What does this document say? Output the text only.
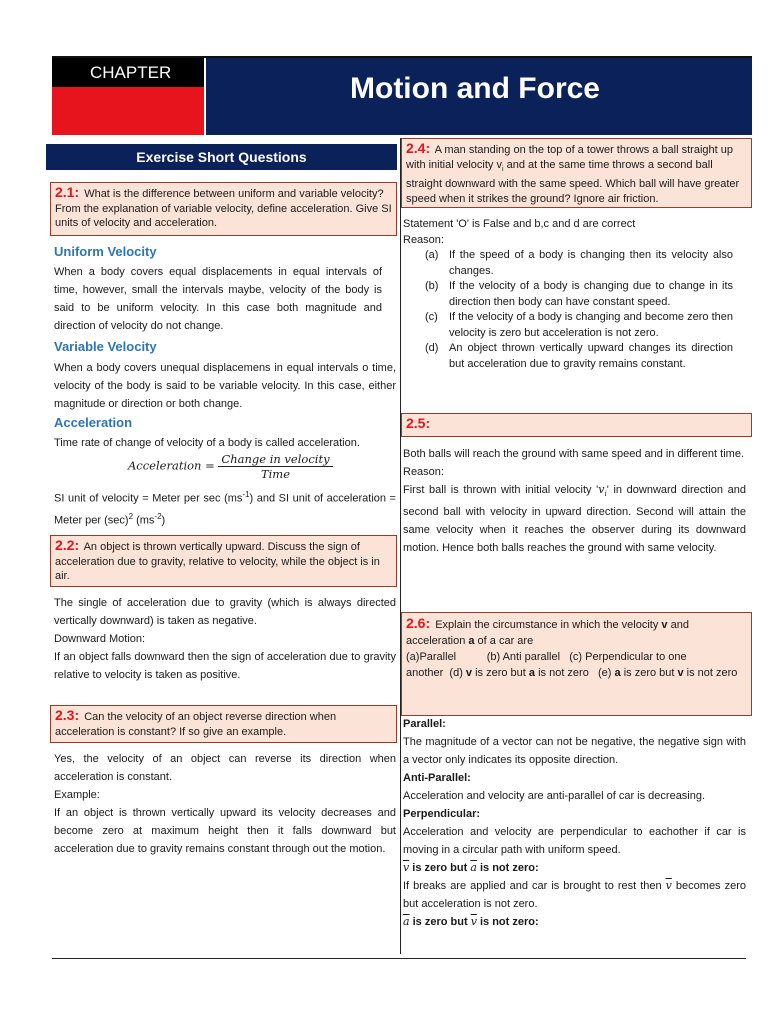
CHAPTER	Motion and Force
Exercise Short Questions
2.1: What is the difference between uniform and variable velocity? From the explanation of variable velocity, define acceleration. Give SI units of velocity and acceleration.
Uniform Velocity
When a body covers equal displacements in equal intervals of time, however, small the intervals maybe, velocity of the body is said to be uniform velocity. In this case both magnitude and direction of velocity do not change.
Variable Velocity
When a body covers unequal displacemens in equal intervals o time, velocity of the body is said to be variable velocity. In this case, either magnitude or direction or both change.
Acceleration
Time rate of change of velocity of a body is called acceleration.
Acceleration = $\frac{\text{Change in velocity}}{\text{Time}}$
SI unit of velocity = Meter per $\sec (ms^{-1})$ and SI unit of acceleration = Meter per $(\sec)^2$ $(ms^{-2})$
2.2: An object is thrown vertically upward. Discuss the sign of acceleration due to gravity, relative to velocity, while the object is in air.

The single of acceleration due to gravity (which is always directed vertically downward) is taken as negative.

Downward Motion:

If an object falls downward then the sign of acceleration due to gravity relative to velocity is taken as positive.

2.3: Can the velocity of an object reverse direction when acceleration is constant? If so give an example.

Yes, the velocity of an object can reverse its direction when acceleration is constant.

Example:

If an object is thrown vertically upward its velocity decreases and become zero at maximum height then it falls downward but acceleration due to gravity remains constant through out the motion.

2.4: A man standing on the top of a tower throws a ball straight up with initial velocity $v_i$ and at the same time throws a second ball straight downward with the same speed. Which ball will have greater speed when it strikes the ground? Ignore air friction.

Statement 'O' is False and b,c and d are correct

Reason:

(a) If the speed of a body is changing then its velocity also changes.
(b) If the velocity of a body is changing due to change in its direction then body can have constant speed.
(c) If the velocity of a body is changing and become zero then velocity is zero but acceleration is not zero.
(d) An object thrown vertically upward changes its direction but acceleration due to gravity remains constant.
2.5:

Both balls will reach the ground with same speed and in different time.

Reason:

First ball is thrown with initial velocity '$v_i$' in downward direction and second ball with velocity in upward direction. Second will attain the same velocity when it reaches the observer during its downward motion. Hence both balls reaches the ground with same velocity.

2.6: Explain the circumstance in which the velocity v and acceleration a of a car are
(a)Parallel          (b) Anti parallel   (c) Perpendicular to one
another  (d) v is zero but a is not zero   (e) a is zero but v is not zero

Parallel:

The magnitude of a vector can not be negative, the negative sign with a vector only indicates its opposite direction.

Anti-Parallel:

Acceleration and velocity are anti-parallel of car is decreasing.

Perpendicular:

Acceleration and velocity are perpendicular to eachother if car is moving in a circular path with uniform speed.

$\overline{v}$ is zero but $\overline{a}$ is not zero:

If breaks are applied and car is brought to rest then $\overline{v}$ becomes zero but acceleration is not zero.

$\overline{a}$ is zero but $\overline{v}$ is not zero:
